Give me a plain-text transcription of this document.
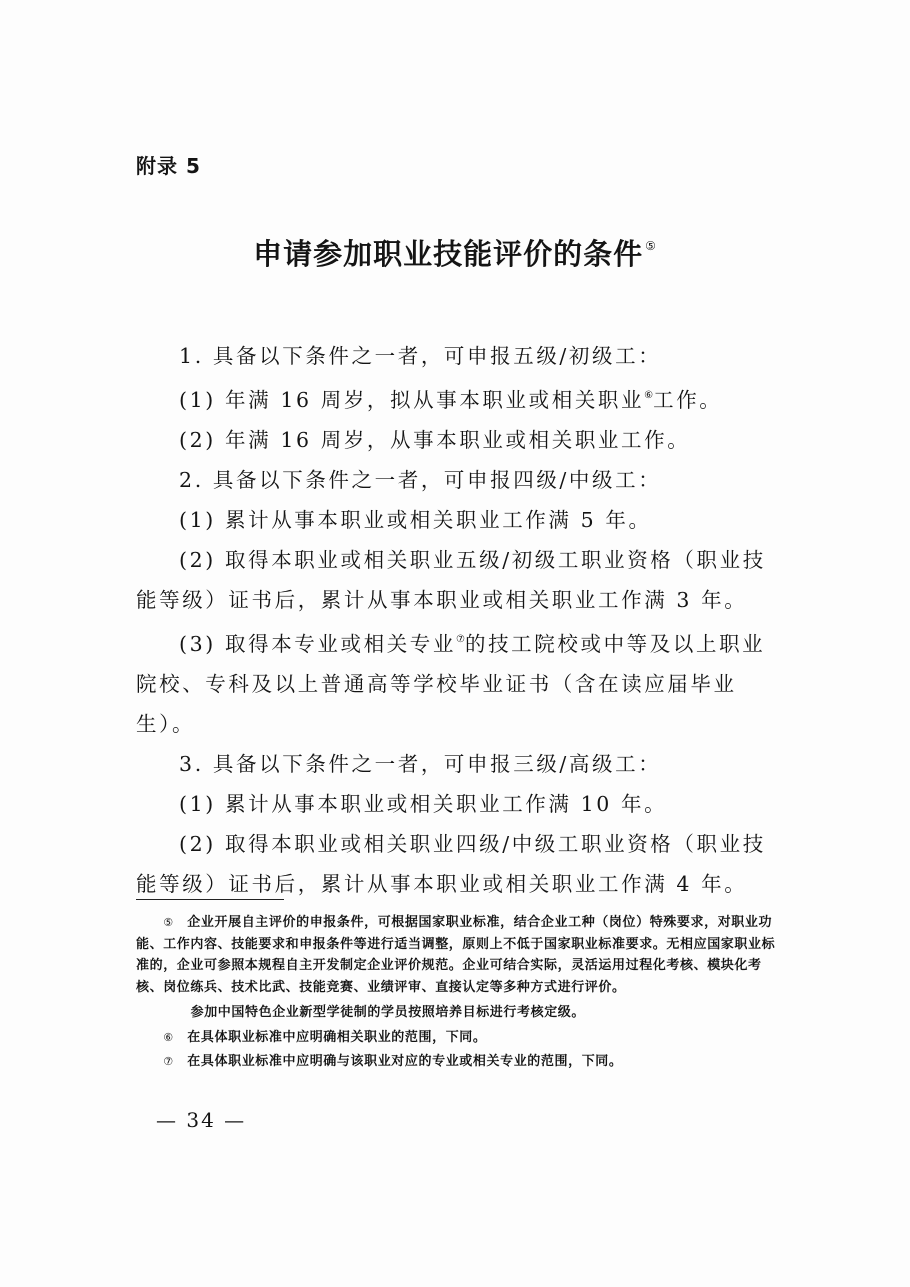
附录 5
申请参加职业技能评价的条件 ⑤

1. 具备以下条件之一者，可申报五级/初级工：

(1) 年满 16 周岁，拟从事本职业或相关职业⑥工作。

(2) 年满 16 周岁，从事本职业或相关职业工作。

2. 具备以下条件之一者，可申报四级/中级工：

(1) 累计从事本职业或相关职业工作满 5 年。

(2) 取得本职业或相关职业五级/初级工职业资格（职业技能等级）证书后，累计从事本职业或相关职业工作满 3 年。

(3) 取得本专业或相关专业⑦的技工院校或中等及以上职业院校、专科及以上普通高等学校毕业证书（含在读应届毕业生）。

3. 具备以下条件之一者，可申报三级/高级工：

(1) 累计从事本职业或相关职业工作满 10 年。

(2) 取得本职业或相关职业四级/中级工职业资格（职业技能等级）证书后，累计从事本职业或相关职业工作满 4 年。

⑤ 企业开展自主评价的申报条件，可根据国家职业标准，结合企业工种（岗位）特殊要求，对职业功能、工作内容、技能要求和申报条件等进行适当调整，原则上不低于国家职业标准要求。无相应国家职业标准的，企业可参照本规程自主开发制定企业评价规范。企业可结合实际，灵活运用过程化考核、模块化考核、岗位练兵、技术比武、技能竞赛、业绩评审、直接认定等多种方式进行评价。

参加中国特色企业新型学徒制的学员按照培养目标进行考核定级。

⑥ 在具体职业标准中应明确相关职业的范围，下同。

⑦ 在具体职业标准中应明确与该职业对应的专业或相关专业的范围，下同。

— 34 —
